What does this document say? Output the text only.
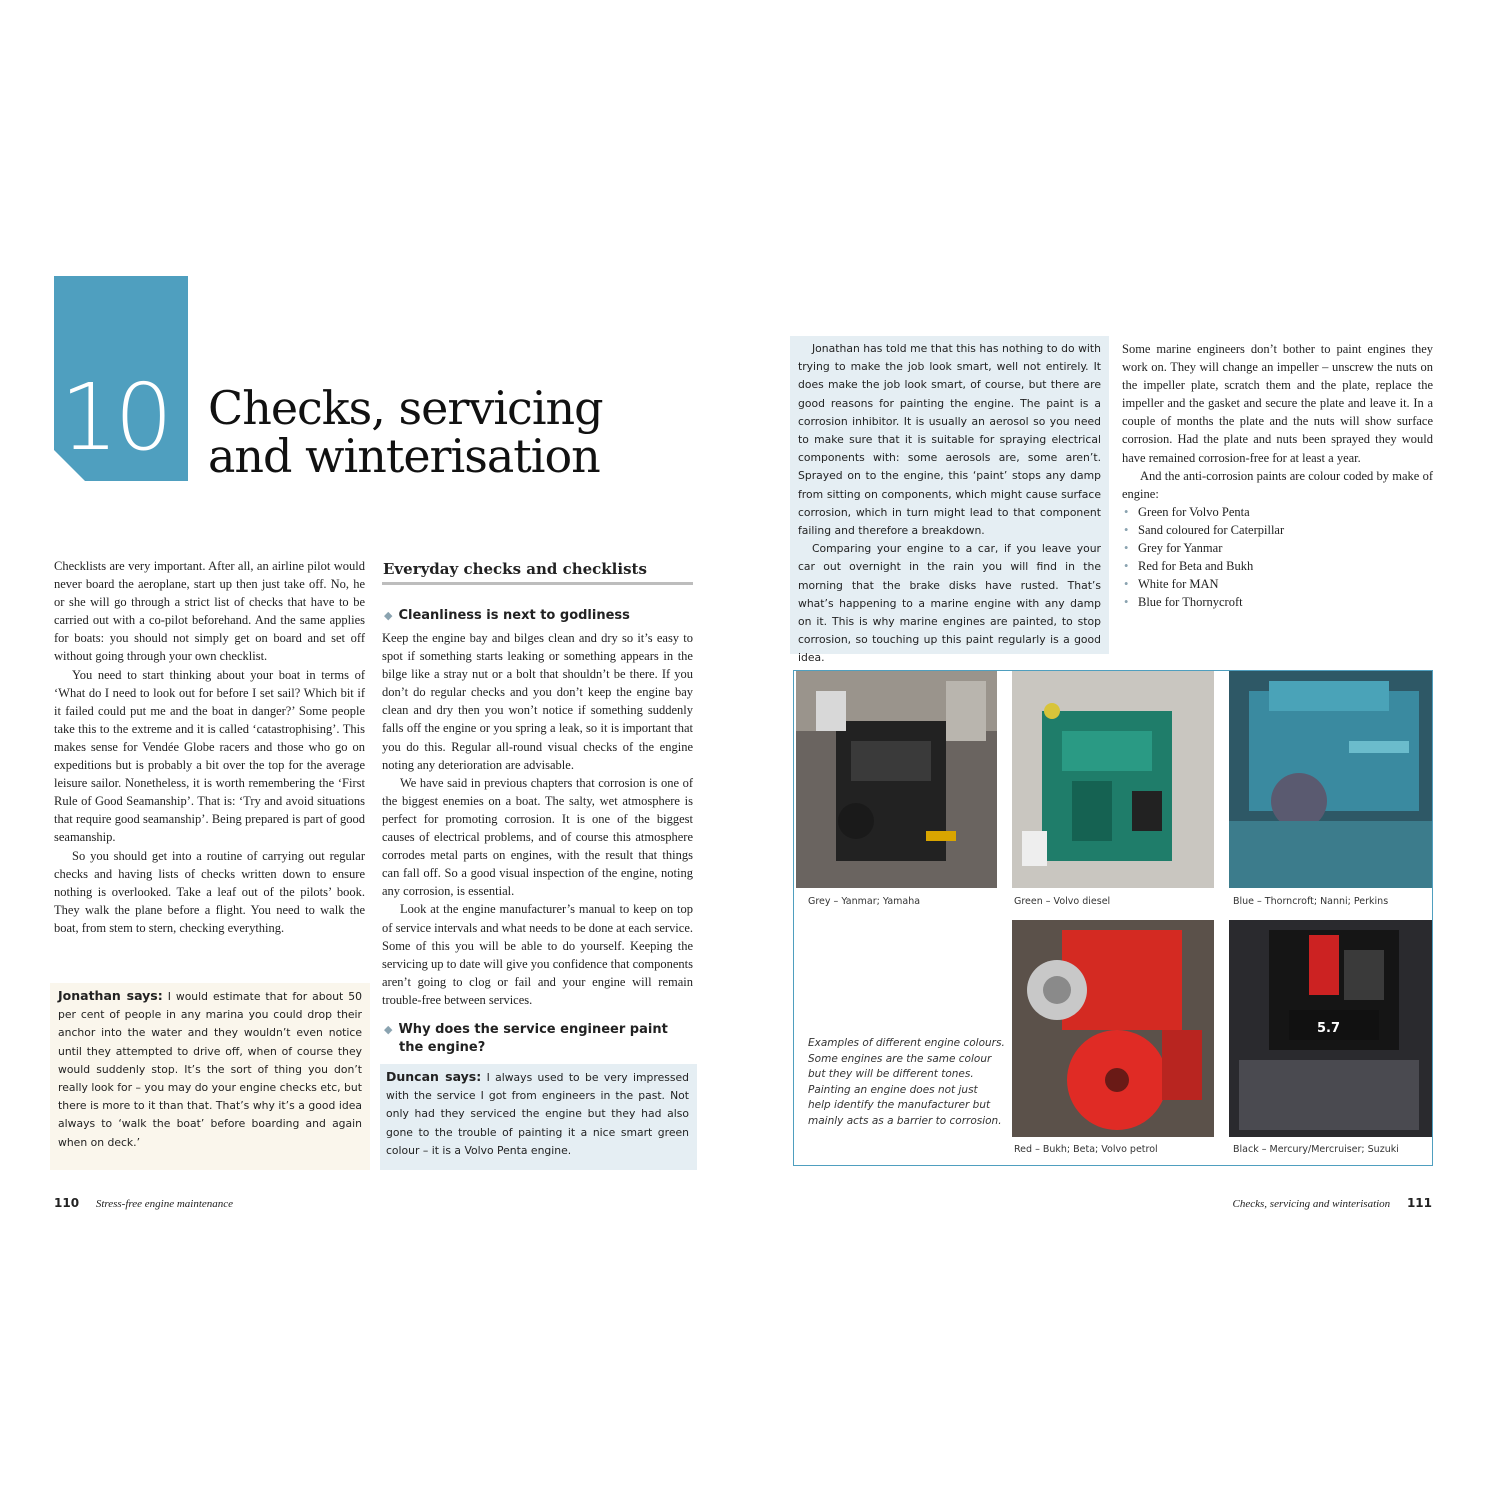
10 Checks, servicing
and winterisation

Checklists are very important. After all, an airline pilot would never board the aeroplane, start up then just take off. No, he or she will go through a strict list of checks that have to be carried out with a co-pilot beforehand. And the same applies for boats: you should not simply get on board and set off without going through your own checklist.

You need to start thinking about your boat in terms of ‘What do I need to look out for before I set sail? Which bit if it failed could put me and the boat in danger?’ Some people take this to the extreme and it is called ‘catastrophising’. This makes sense for Vendée Globe racers and those who go on expeditions but is probably a bit over the top for the average leisure sailor. Nonetheless, it is worth remembering the ‘First Rule of Good Seamanship’. That is: ‘Try and avoid situations that require good seamanship’. Being prepared is part of good seamanship.

So you should get into a routine of carrying out regular checks and having lists of checks written down to ensure nothing is overlooked. Take a leaf out of the pilots’ book. They walk the plane before a flight. You need to walk the boat, from stem to stern, checking everything.

Jonathan says: I would estimate that for about 50 per cent of people in any marina you could drop their anchor into the water and they wouldn’t even notice until they attempted to drive off, when of course they would suddenly stop. It’s the sort of thing you don’t really look for – you may do your engine checks etc, but there is more to it than that. That’s why it’s a good idea always to ‘walk the boat’ before boarding and again when on deck.’
Everyday checks and checklists
◆ Cleanliness is next to godliness

Keep the engine bay and bilges clean and dry so it’s easy to spot if something starts leaking or something appears in the bilge like a stray nut or a bolt that shouldn’t be there. If you don’t do regular checks and you don’t keep the engine bay clean and dry then you won’t notice if something suddenly falls off the engine or you spring a leak, so it is important that you do this. Regular all-round visual checks of the engine noting any deterioration are advisable.

We have said in previous chapters that corrosion is one of the biggest enemies on a boat. The salty, wet atmosphere is perfect for promoting corrosion. It is one of the biggest causes of electrical problems, and of course this atmosphere corrodes metal parts on engines, with the result that things can fall off. So a good visual inspection of the engine, noting any corrosion, is essential.

Look at the engine manufacturer’s manual to keep on top of service intervals and what needs to be done at each service. Some of this you will be able to do yourself. Keeping the servicing up to date will give you confidence that components aren’t going to clog or fail and your engine will remain trouble-free between services.

◆ Why does the service engineer paint
the engine?
Duncan says: I always used to be very impressed with the service I got from engineers in the past. Not only had they serviced the engine but they had also gone to the trouble of painting it a nice smart green colour – it is a Volvo Penta engine.

Jonathan has told me that this has nothing to do with trying to make the job look smart, well not entirely. It does make the job look smart, of course, but there are good reasons for painting the engine. The paint is a corrosion inhibitor. It is usually an aerosol so you need to make sure that it is suitable for spraying electrical components with: some aerosols are, some aren’t. Sprayed on to the engine, this ‘paint’ stops any damp from sitting on components, which might cause surface corrosion, which in turn might lead to that component failing and therefore a breakdown.

Comparing your engine to a car, if you leave your car out overnight in the rain you will find in the morning that the brake disks have rusted. That’s what’s happening to a marine engine with any damp on it. This is why marine engines are painted, to stop corrosion, so touching up this paint regularly is a good idea.

Some marine engineers don’t bother to paint engines they work on. They will change an impeller – unscrew the nuts on the impeller plate, scratch them and the plate, replace the impeller and the gasket and secure the plate and leave it. In a couple of months the plate and the nuts will show surface corrosion. Had the plate and nuts been sprayed they would have remained corrosion-free for at least a year.

And the anti-corrosion paints are colour coded by make of engine:

• Green for Volvo Penta
• Sand coloured for Caterpillar
• Grey for Yanmar
• Red for Beta and Bukh
• White for MAN
• Blue for Thornycroft
Grey – Yanmar; Yamaha	Green – Volvo diesel	Blue – Thorncroft; Nanni; Perkins
Examples of different engine colours.
Some engines are the same colour
but they will be different tones.
Painting an engine does not just
help identify the manufacturer but
mainly acts as a barrier to corrosion.
5.7
Red – Bukh; Beta; Volvo petrol	Black – Mercury/Mercruiser; Suzuki
110 Stress-free engine maintenance	Checks, servicing and winterisation 111
